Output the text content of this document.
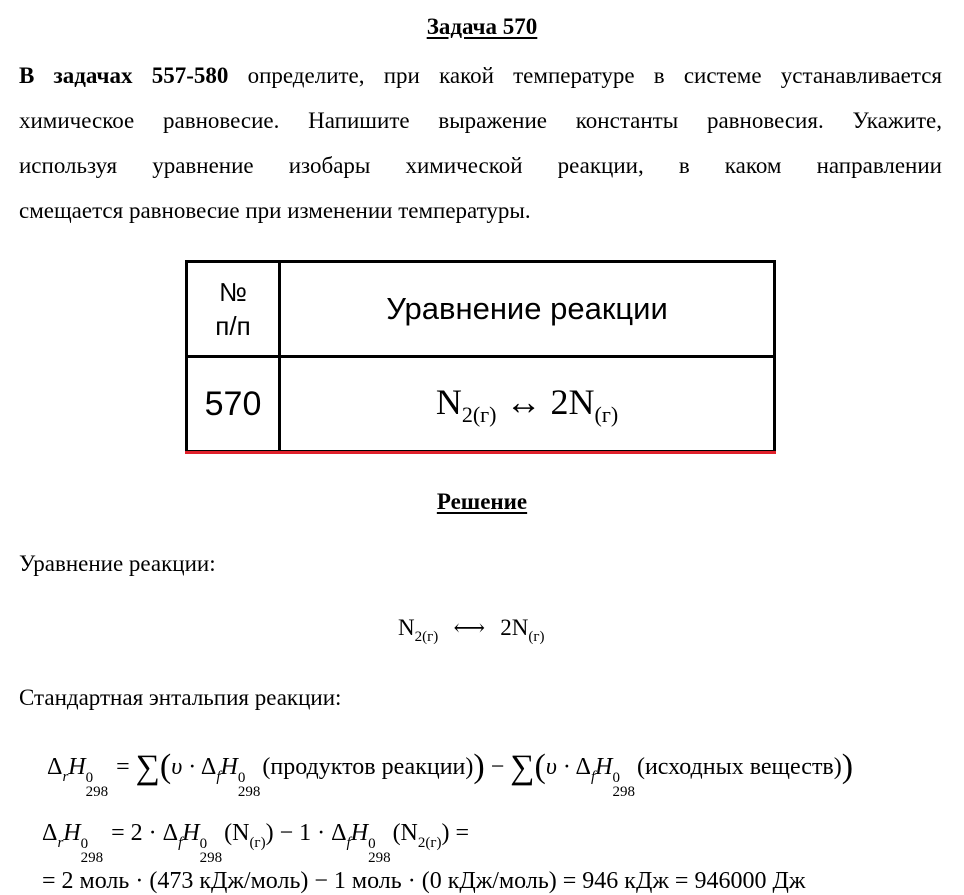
Задача 570
В задачах 557-580 определите, при какой температуре в системе устанавливается
химическое равновесие. Напишите выражение константы равновесия. Укажите,
используя уравнение изобары химической реакции, в каком направлении
смещается равновесие при изменении температуры.
№
п/п	Уравнение реакции
570	$N_{2(г)}$ ↔ $2N_{(г)}$
Решение
Уравнение реакции:
$N_{2(г)}$ ⟷ $2N_{(г)}$
Стандартная энтальпия реакции:
$\Delta_rH$ 0
298
= $\sum(\upsilon \cdot \Delta_fH$ 0
298
(продуктов реакции)) − $\sum(\upsilon \cdot \Delta_fH$ 0
298
(исходных веществ))
$\Delta_rH$ 0
298
= $2 \cdot \Delta_fH$ 0
298
$(N_{(г)}) - 1 \cdot \Delta_fH$ 0
298
$(N_{2(г)})$ =
= 2 моль · (473 кДж/моль) − 1 моль · (0 кДж/моль) = 946 кДж = 946000 Дж
